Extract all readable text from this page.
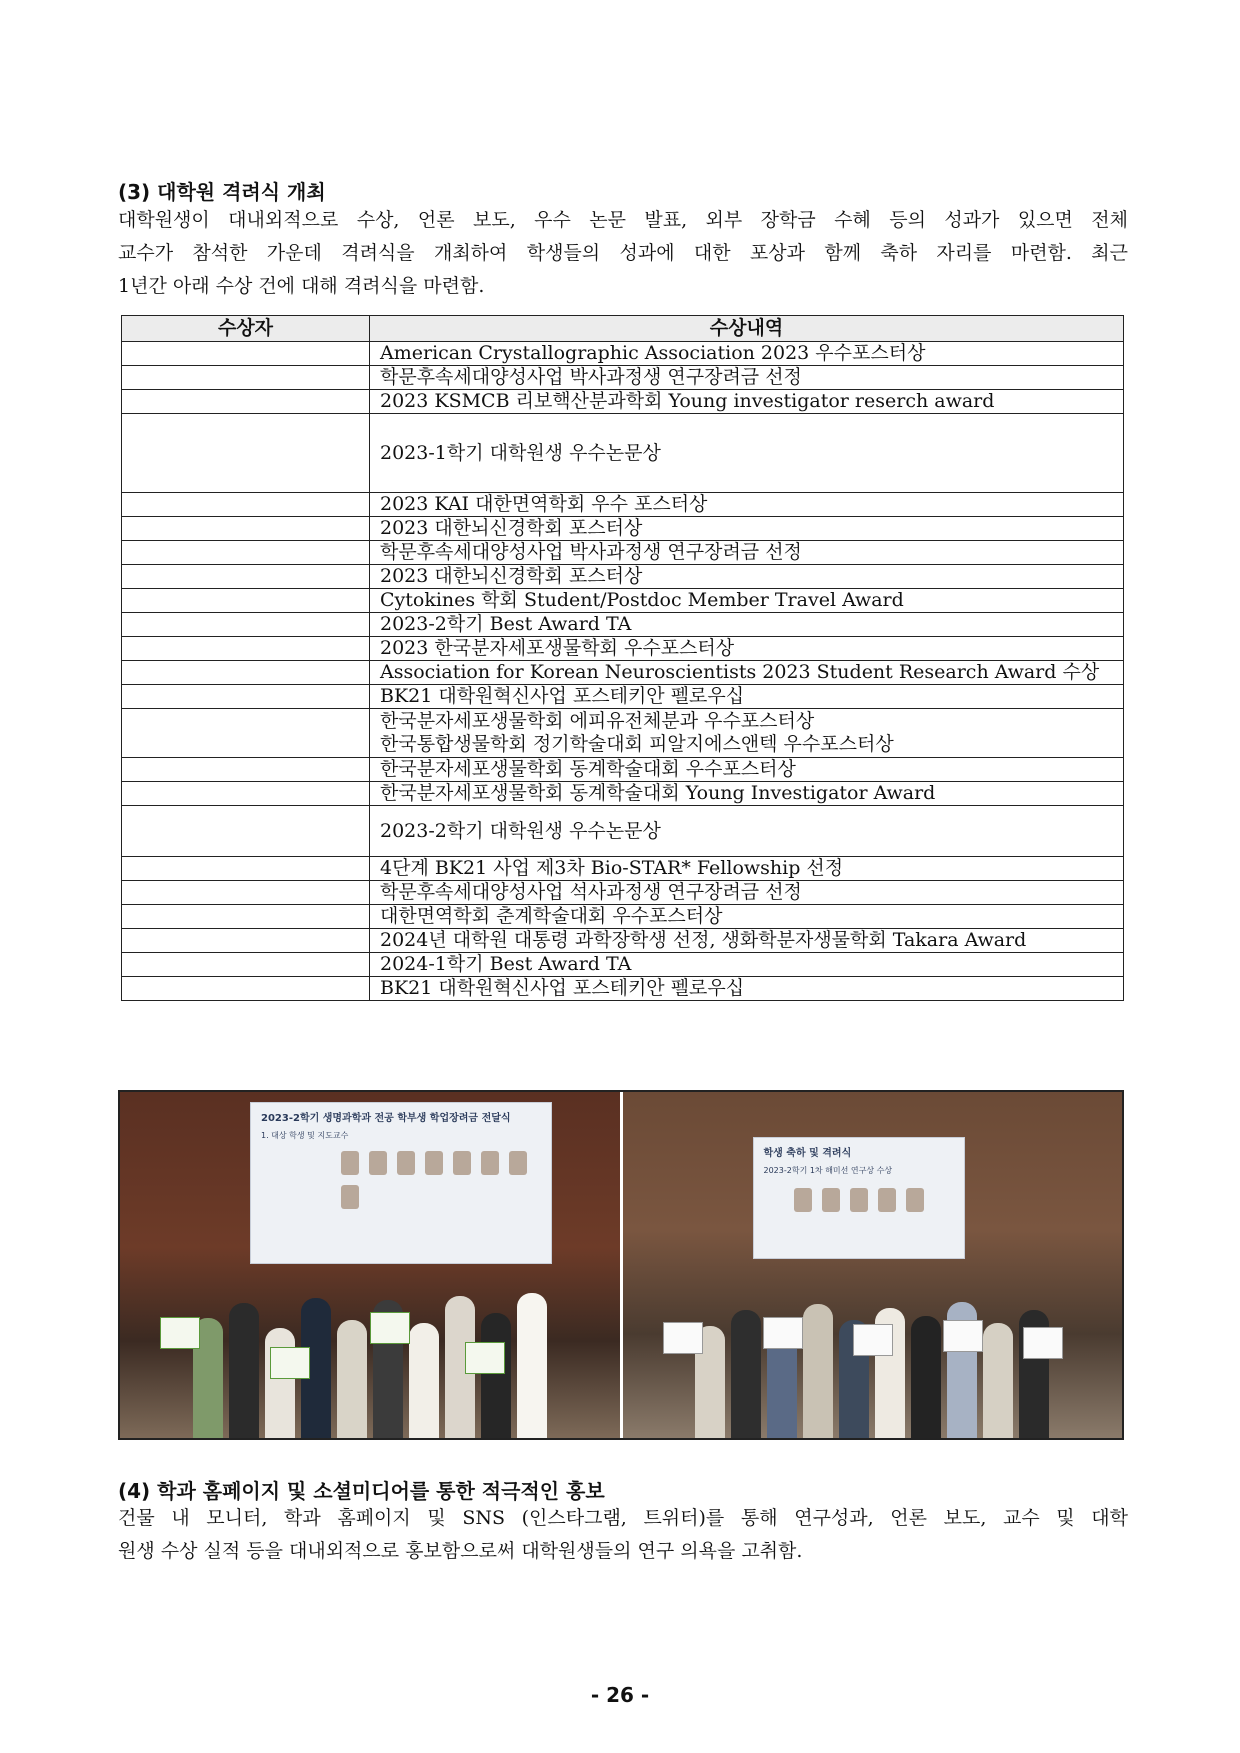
(3) 대학원 격려식 개최
대학원생이 대내외적으로 수상, 언론 보도, 우수 논문 발표, 외부 장학금 수혜 등의 성과가 있으면 전체
교수가 참석한 가운데 격려식을 개최하여 학생들의 성과에 대한 포상과 함께 축하 자리를 마련함. 최근
1년간 아래 수상 건에 대해 격려식을 마련함.
수상자	수상내역
	American Crystallographic Association 2023 우수포스터상
	학문후속세대양성사업 박사과정생 연구장려금 선정
	2023 KSMCB 리보핵산분과학회 Young investigator reserch award
	2023-1학기 대학원생 우수논문상
	2023 KAI 대한면역학회 우수 포스터상
	2023 대한뇌신경학회 포스터상
	학문후속세대양성사업 박사과정생 연구장려금 선정
	2023 대한뇌신경학회 포스터상
	Cytokines 학회 Student/Postdoc Member Travel Award
	2023-2학기 Best Award TA
	2023 한국분자세포생물학회 우수포스터상
	Association for Korean Neuroscientists 2023 Student Research Award 수상
	BK21 대학원혁신사업 포스테키안 펠로우십

	한국분자세포생물학회 에피유전체분과 우수포스터상
한국통합생물학회 정기학술대회 피알지에스앤텍 우수포스터상

	한국분자세포생물학회 동계학술대회 우수포스터상
	한국분자세포생물학회 동계학술대회 Young Investigator Award
	2023-2학기 대학원생 우수논문상
	4단계 BK21 사업 제3차 Bio-STAR* Fellowship 선정
	학문후속세대양성사업 석사과정생 연구장려금 선정
	대한면역학회 춘계학술대회 우수포스터상
	2024년 대학원 대통령 과학장학생 선정, 생화학분자생물학회 Takara Award
	2024-1학기 Best Award TA
	BK21 대학원혁신사업 포스테키안 펠로우십
2023-2학기 생명과학과 전공 학부생 학업장려금 전달식
1. 대상 학생 및 지도교수
학생 축하 및 격려식
2023-2학기 1차 해미선 연구상 수상
(4) 학과 홈페이지 및 소셜미디어를 통한 적극적인 홍보
건물 내 모니터, 학과 홈페이지 및 SNS (인스타그램, 트위터)를 통해 연구성과, 언론 보도, 교수 및 대학
원생 수상 실적 등을 대내외적으로 홍보함으로써 대학원생들의 연구 의욕을 고취함.
- 26 -
